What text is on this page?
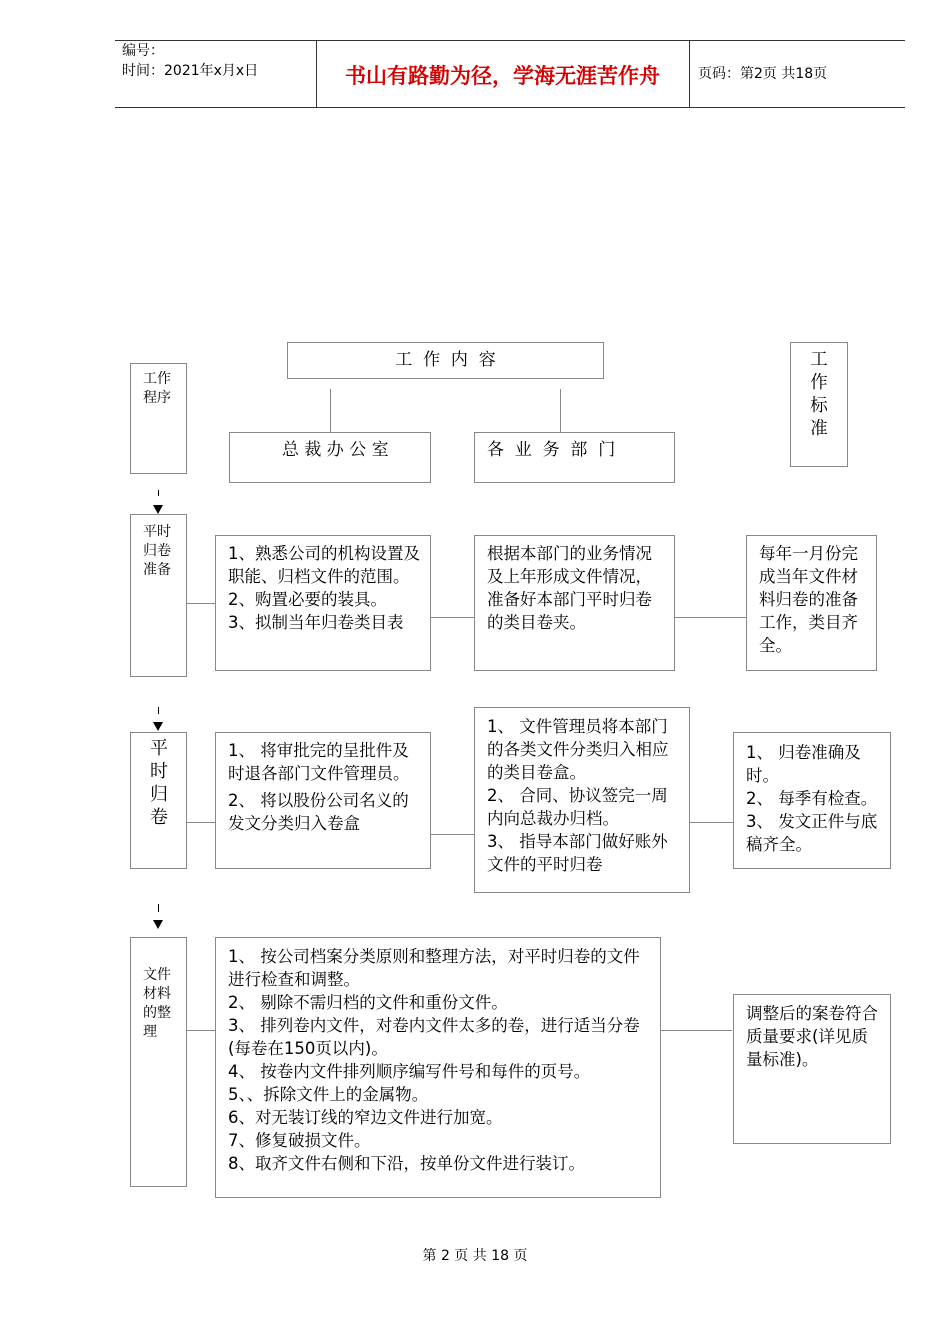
编号：
时间：2021年x月x日	书山有路勤为径，学海无涯苦作舟	页码：第2页 共18页
工作
程序
工  作  内  容	工
作
标
准
总 裁 办 公 室	各  业  务  部  门
平时
归卷
准备
1、熟悉公司的机构设置及职能、归档文件的范围。
2、购置必要的装具。
3、拟制当年归卷类目表
根据本部门的业务情况及上年形成文件情况，准备好本部门平时归卷的类目卷夹。
每年一月份完成当年文件材料归卷的准备工作，类目齐全。
平
时
归
卷
1、 将审批完的呈批件及时退各部门文件管理员。
2、 将以股份公司名义的发文分类归入卷盒
1、 文件管理员将本部门的各类文件分类归入相应的类目卷盒。
2、 合同、协议签完一周内向总裁办归档。
3、 指导本部门做好账外文件的平时归卷
1、 归卷准确及时。
2、 每季有检查。
3、 发文正件与底稿齐全。
文件
材料
的整
理
1、 按公司档案分类原则和整理方法，对平时归卷的文件进行检查和调整。
2、 剔除不需归档的文件和重份文件。
3、 排列卷内文件，对卷内文件太多的卷，进行适当分卷(每卷在150页以内)。
4、 按卷内文件排列顺序编写件号和每件的页号。
5、、拆除文件上的金属物。
6、对无装订线的窄边文件进行加宽。
7、修复破损文件。
8、取齐文件右侧和下沿，按单份文件进行装订。
调整后的案卷符合质量要求(详见质量标准)。
第 2 页 共 18 页
